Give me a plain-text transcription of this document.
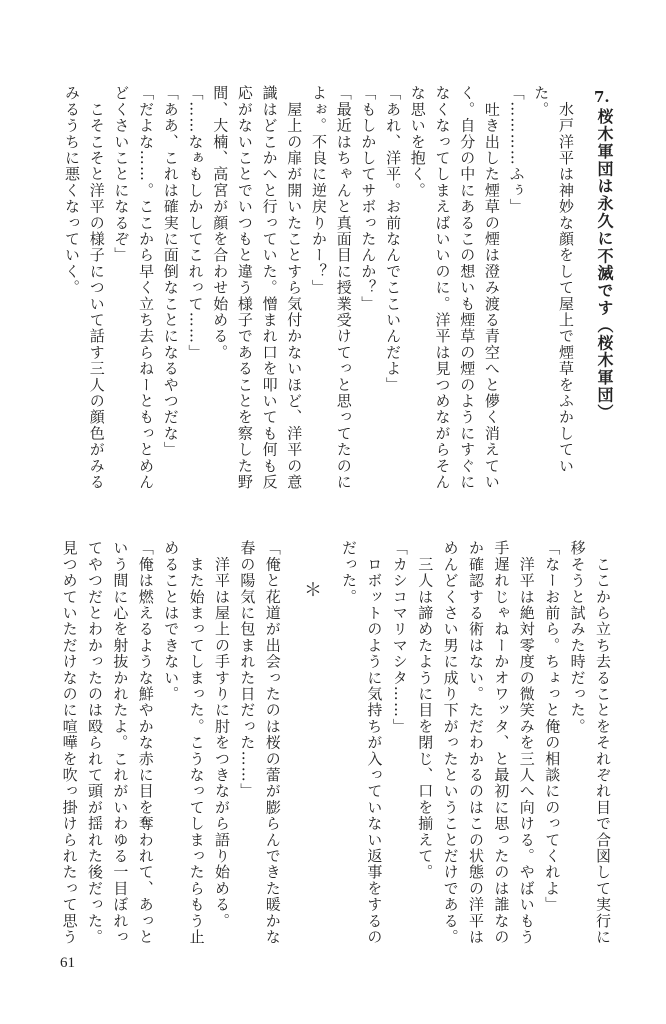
7.
桜木軍団は永久に不滅です（桜木軍団）
　水戸洋平は神妙な顔をして屋上で煙草をふかしてい
た。
「…………ふぅ」
　吐き出した煙草の煙は澄み渡る青空へと儚く消えてい
く。自分の中にあるこの想いも煙草の煙のようにすぐに
なくなってしまえばいいのに。洋平は見つめながらそん
な思いを抱く。
「あれ、洋平。お前なんでここいんだよ」
「もしかしてサボったんか？」
「最近はちゃんと真面目に授業受けてっと思ってたのに
よぉ。不良に逆戻りかー？」
　屋上の扉が開いたことすら気付かないほど、洋平の意
識はどこかへと行っていた。憎まれ口を叩いても何も反
応がないことでいつもと違う様子であることを察した野
間、大楠、高宮が顔を合わせ始める。
「……なぁもしかしてこれって……」
「ああ、これは確実に面倒なことになるやつだな」
「だよな……。ここから早く立ち去らねーともっとめん
どくさいことになるぞ」
　こそこそと洋平の様子について話す三人の顔色がみる
みるうちに悪くなっていく。
　ここから立ち去ることをそれぞれ目で合図して実行に
移そうと試みた時だった。
「なーお前ら。ちょっと俺の相談にのってくれよ」
　洋平は絶対零度の微笑みを三人へ向ける。やばいもう
手遅れじゃねーかオワッタ、と最初に思ったのは誰なの
か確認する術はない。ただわかるのはこの状態の洋平は
めんどくさい男に成り下がったということだけである。
　三人は諦めたように目を閉じ、口を揃えて。
「カシコマリマシタ……」
　ロボットのように気持ちが入っていない返事をするの
だった。
「俺と花道が出会ったのは桜の蕾が膨らんできた暖かな
春の陽気に包まれた日だった……」
　洋平は屋上の手すりに肘をつきながら語り始める。
　また始まってしまった。こうなってしまったらもう止
めることはできない。
「俺は燃えるような鮮やかな赤に目を奪われて、あっと
いう間に心を射抜かれたよ。これがいわゆる一目ぼれっ
てやつだとわかったのは殴られて頭が揺れた後だった。
見つめていただけなのに喧嘩を吹っ掛けられたって思う	＊
61
